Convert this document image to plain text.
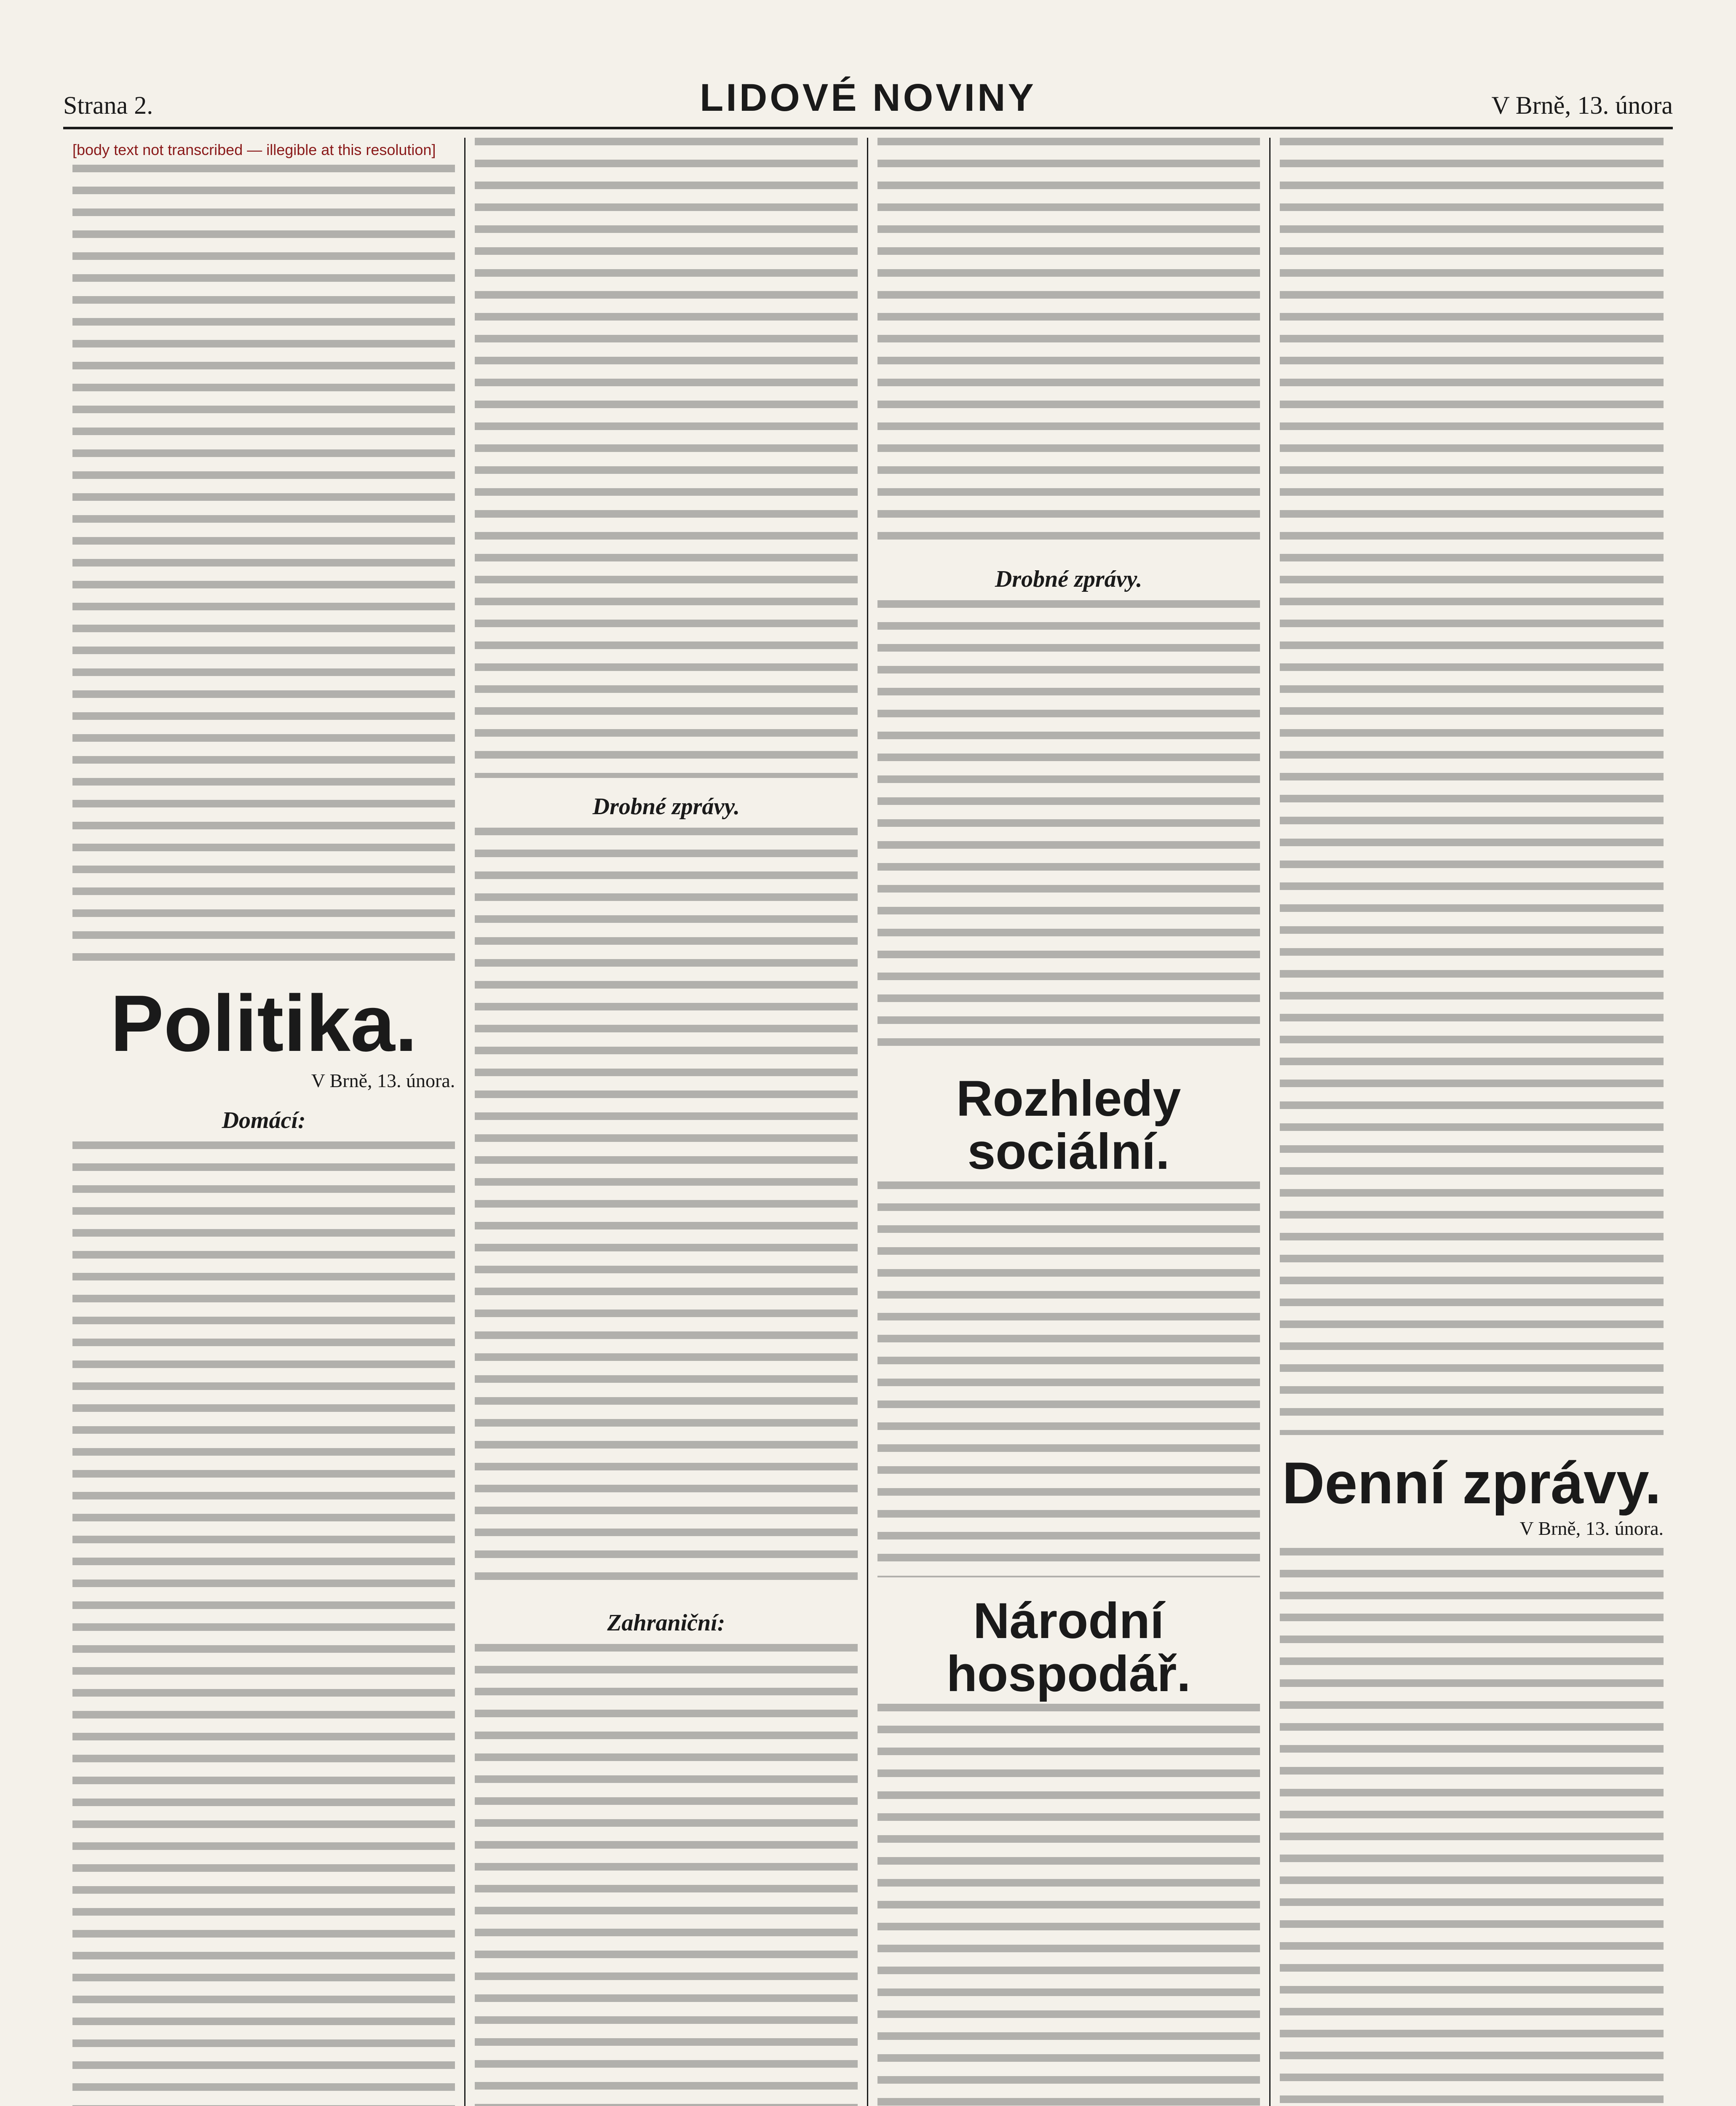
Strana 2.	LIDOVÉ NOVINY	V Brně, 13. února
[body text not transcribed — illegible at this resolution]
Politika.
V Brně, 13. února.
Domácí:
Drobné zprávy.
Zahraniční:
Drobné zprávy.
Rozhledy sociální.
Národní hospodář.
Denní zprávy.
V Brně, 13. února.
